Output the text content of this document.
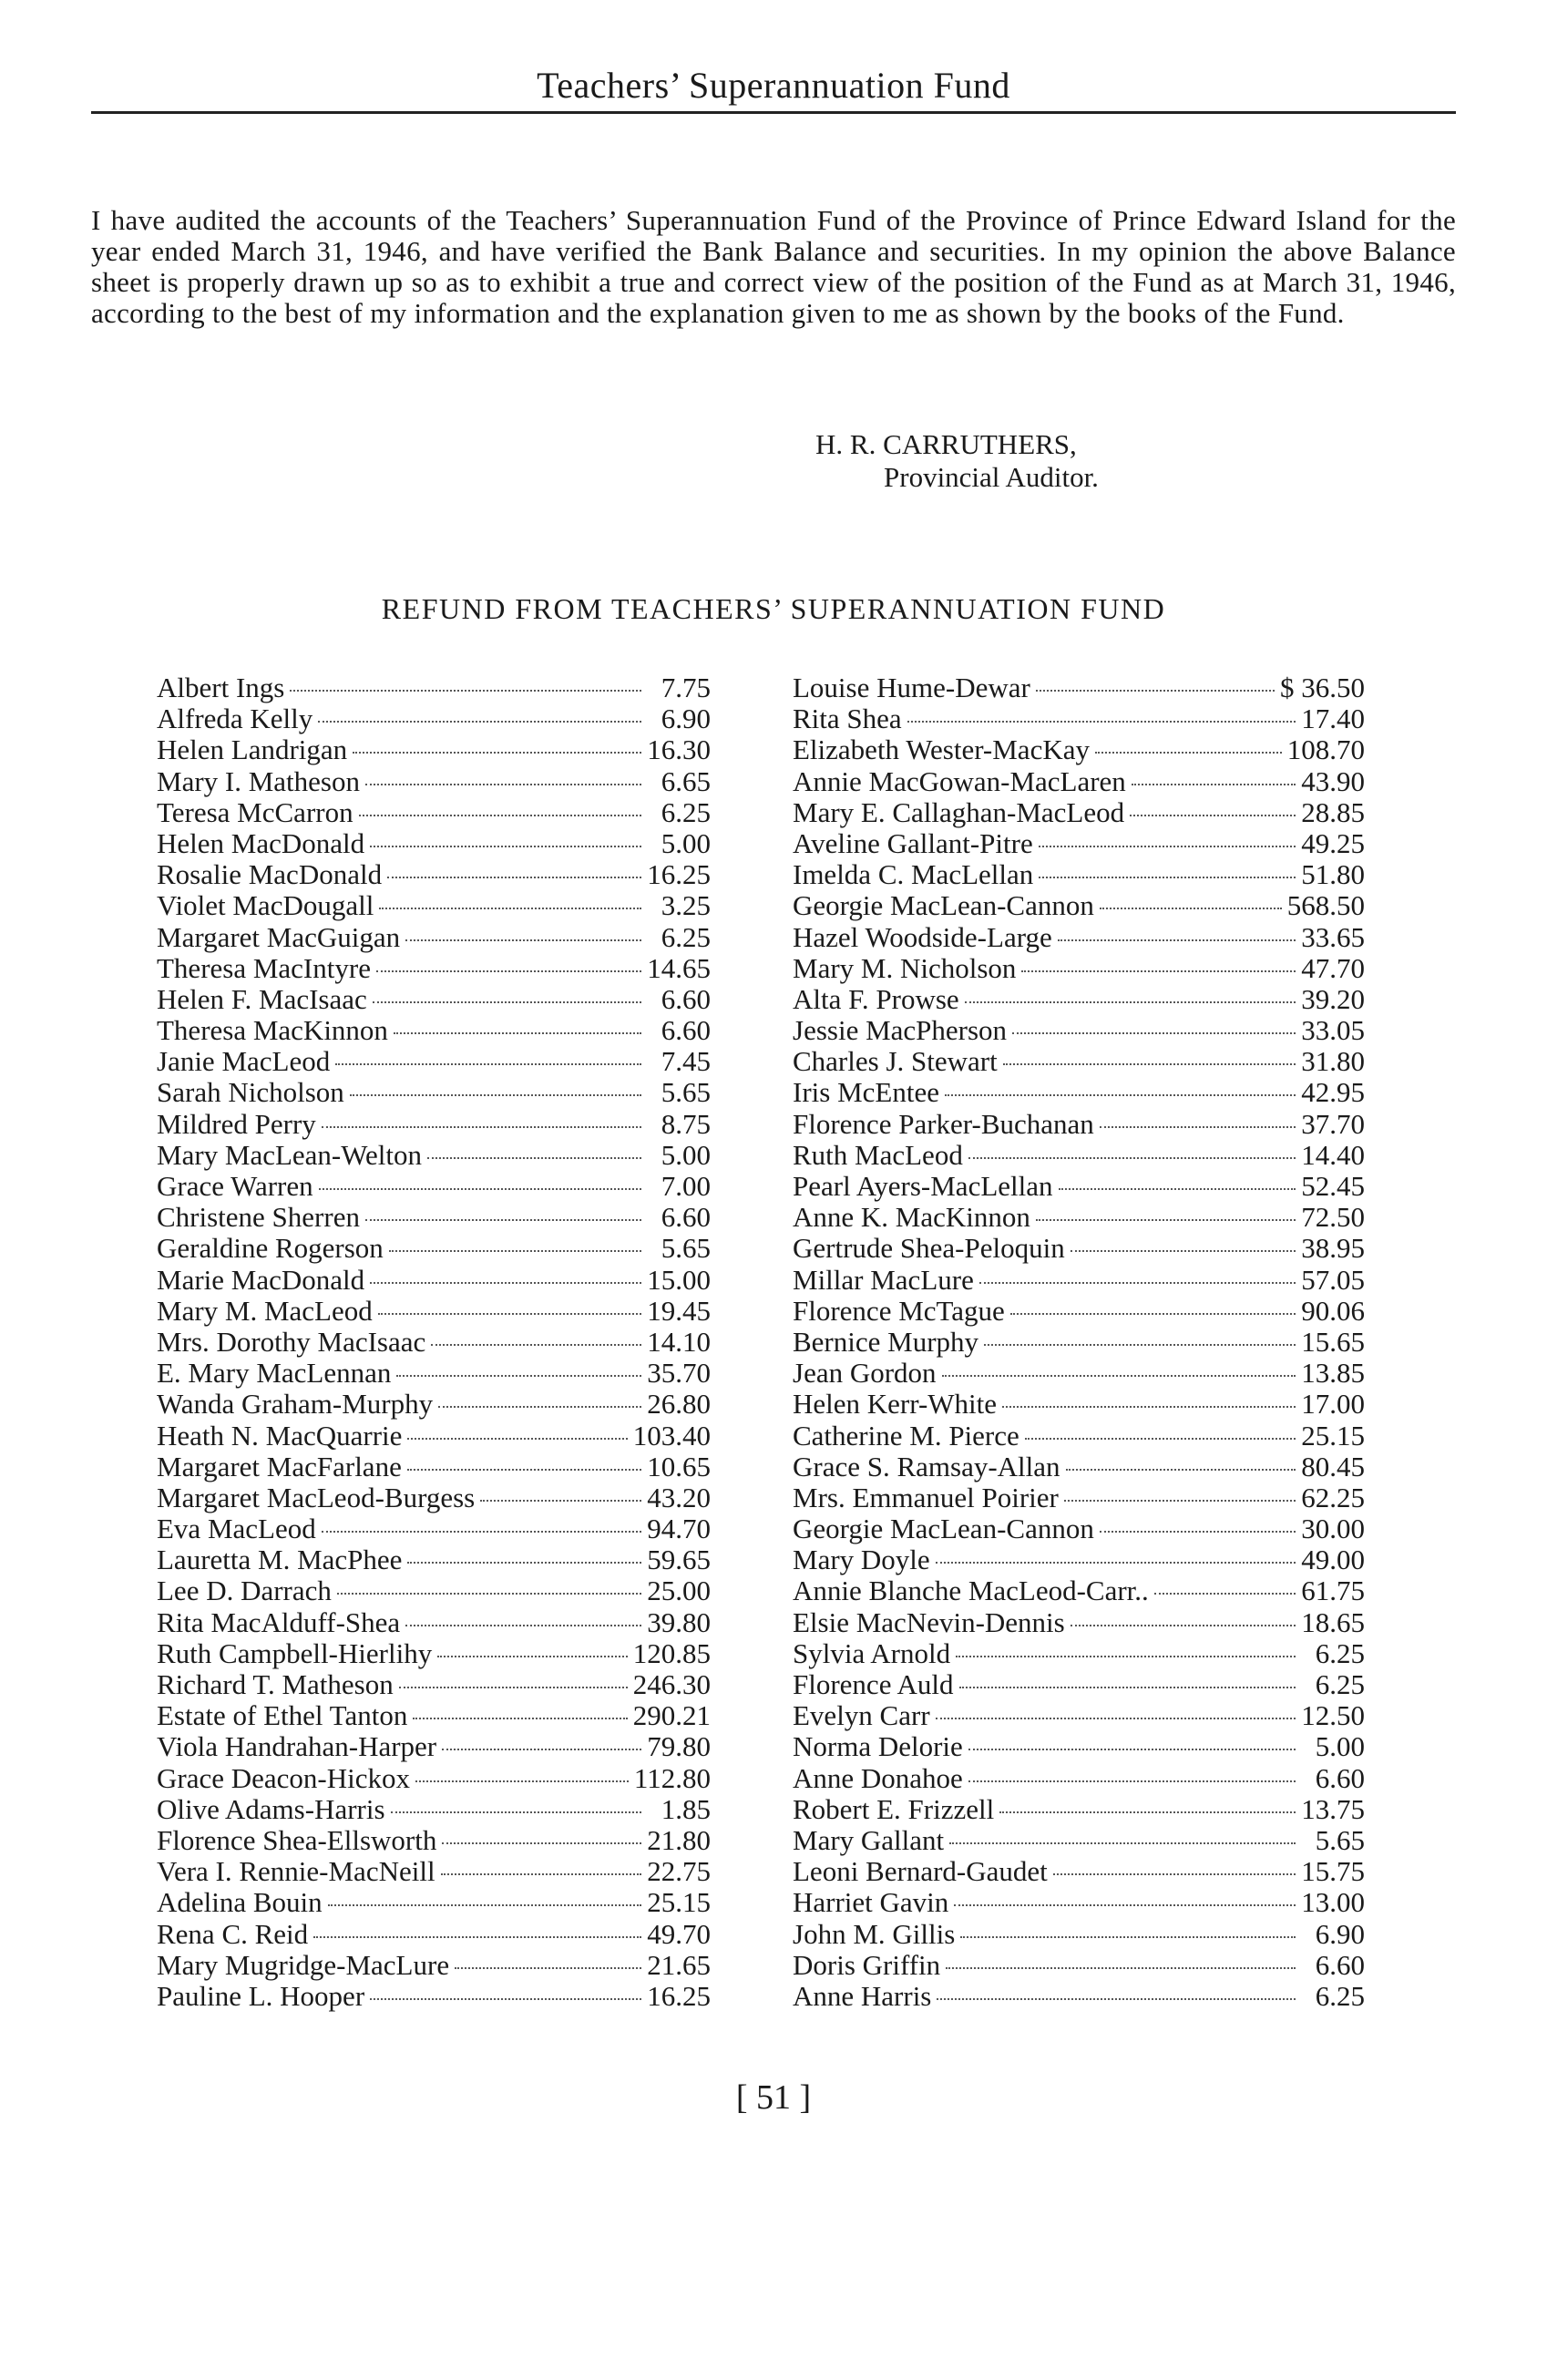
Teachers’ Superannuation Fund
I have audited the accounts of the Teachers’ Superannuation Fund of the Province of Prince Edward Island for the year ended March 31, 1946, and have verified the Bank Balance and securities. In my opinion the above Balance sheet is properly drawn up so as to exhibit a true and correct view of the position of the Fund as at March 31, 1946, according to the best of my information and the explanation given to me as shown by the books of the Fund.
H. R. CARRUTHERS,
Provincial Auditor.
REFUND FROM TEACHERS’ SUPERANNUATION FUND
Albert Ings	7.75
Alfreda Kelly	6.90
Helen Landrigan	16.30
Mary I. Matheson	6.65
Teresa McCarron	6.25
Helen MacDonald	5.00
Rosalie MacDonald	16.25
Violet MacDougall	3.25
Margaret MacGuigan	6.25
Theresa MacIntyre	14.65
Helen F. MacIsaac	6.60
Theresa MacKinnon	6.60
Janie MacLeod	7.45
Sarah Nicholson	5.65
Mildred Perry	8.75
Mary MacLean-Welton	5.00
Grace Warren	7.00
Christene Sherren	6.60
Geraldine Rogerson	5.65
Marie MacDonald	15.00
Mary M. MacLeod	19.45
Mrs. Dorothy MacIsaac	14.10
E. Mary MacLennan	35.70
Wanda Graham-Murphy	26.80
Heath N. MacQuarrie	103.40
Margaret MacFarlane	10.65
Margaret MacLeod-Burgess	43.20
Eva MacLeod	94.70
Lauretta M. MacPhee	59.65
Lee D. Darrach	25.00
Rita MacAlduff-Shea	39.80
Ruth Campbell-Hierlihy	120.85
Richard T. Matheson	246.30
Estate of Ethel Tanton	290.21
Viola Handrahan-Harper	79.80
Grace Deacon-Hickox	112.80
Olive Adams-Harris	1.85
Florence Shea-Ellsworth	21.80
Vera I. Rennie-MacNeill	22.75
Adelina Bouin	25.15
Rena C. Reid	49.70
Mary Mugridge-MacLure	21.65
Pauline L. Hooper	16.25
Louise Hume-Dewar	$ 36.50
Rita Shea	17.40
Elizabeth Wester-MacKay	108.70
Annie MacGowan-MacLaren	43.90
Mary E. Callaghan-MacLeod	28.85
Aveline Gallant-Pitre	49.25
Imelda C. MacLellan	51.80
Georgie MacLean-Cannon	568.50
Hazel Woodside-Large	33.65
Mary M. Nicholson	47.70
Alta F. Prowse	39.20
Jessie MacPherson	33.05
Charles J. Stewart	31.80
Iris McEntee	42.95
Florence Parker-Buchanan	37.70
Ruth MacLeod	14.40
Pearl Ayers-MacLellan	52.45
Anne K. MacKinnon	72.50
Gertrude Shea-Peloquin	38.95
Millar MacLure	57.05
Florence McTague	90.06
Bernice Murphy	15.65
Jean Gordon	13.85
Helen Kerr-White	17.00
Catherine M. Pierce	25.15
Grace S. Ramsay-Allan	80.45
Mrs. Emmanuel Poirier	62.25
Georgie MacLean-Cannon	30.00
Mary Doyle	49.00
Annie Blanche MacLeod-Carr..	61.75
Elsie MacNevin-Dennis	18.65
Sylvia Arnold	6.25
Florence Auld	6.25
Evelyn Carr	12.50
Norma Delorie	5.00
Anne Donahoe	6.60
Robert E. Frizzell	13.75
Mary Gallant	5.65
Leoni Bernard-Gaudet	15.75
Harriet Gavin	13.00
John M. Gillis	6.90
Doris Griffin	6.60
Anne Harris	6.25
[ 51 ]
